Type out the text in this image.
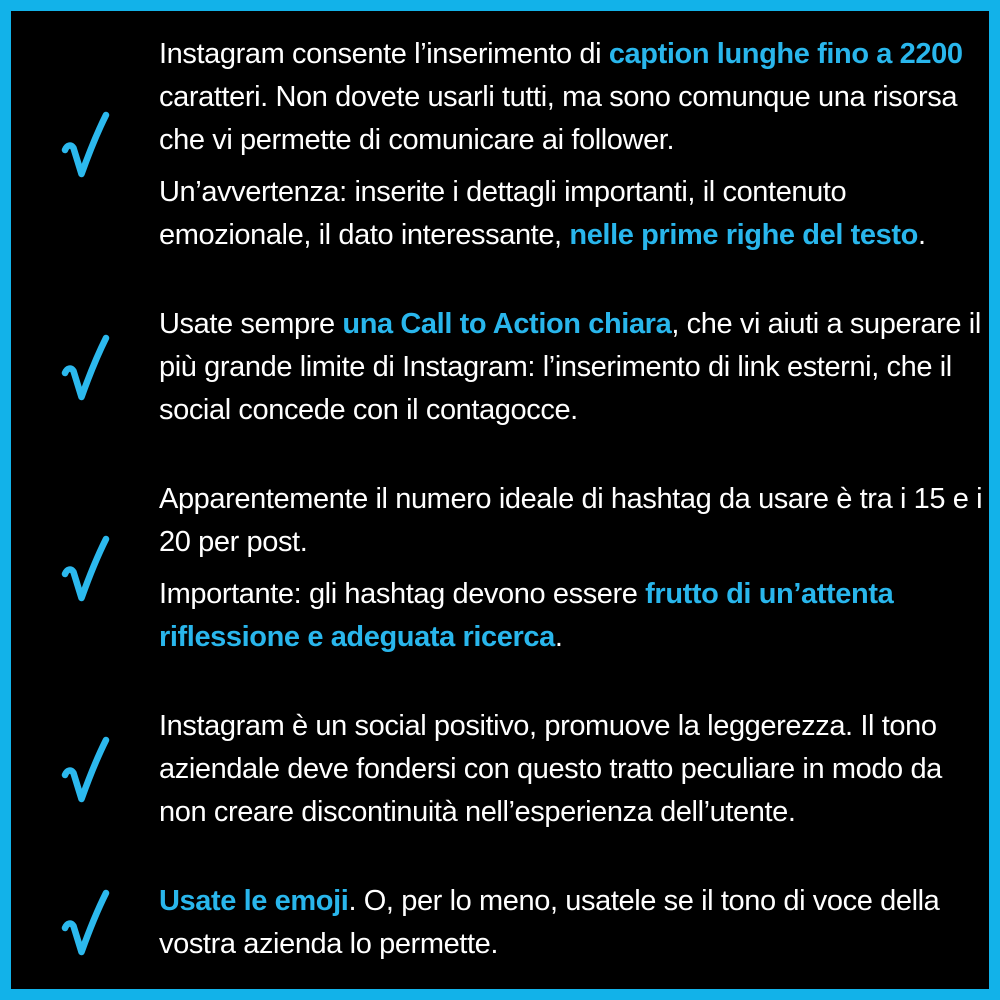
Instagram consente l’inserimento di caption lunghe fino a 2200 caratteri. Non dovete usarli tutti, ma sono comunque una risorsa che vi permette di comunicare ai follower.

Un’avvertenza: inserite i dettagli importanti, il contenuto emozionale, il dato interessante, nelle prime righe del testo.

Usate sempre una Call to Action chiara, che vi aiuti a superare il più grande limite di Instagram: l’inserimento di link esterni, che il social concede con il contagocce.

Apparentemente il numero ideale di hashtag da usare è tra i 15 e i 20 per post.

Importante: gli hashtag devono essere frutto di un’attenta riflessione e adeguata ricerca.

Instagram è un social positivo, promuove la leggerezza. Il tono aziendale deve fondersi con questo tratto peculiare in modo da non creare discontinuità nell’esperienza dell’utente.

Usate le emoji. O, per lo meno, usatele se il tono di voce della vostra azienda lo permette.
